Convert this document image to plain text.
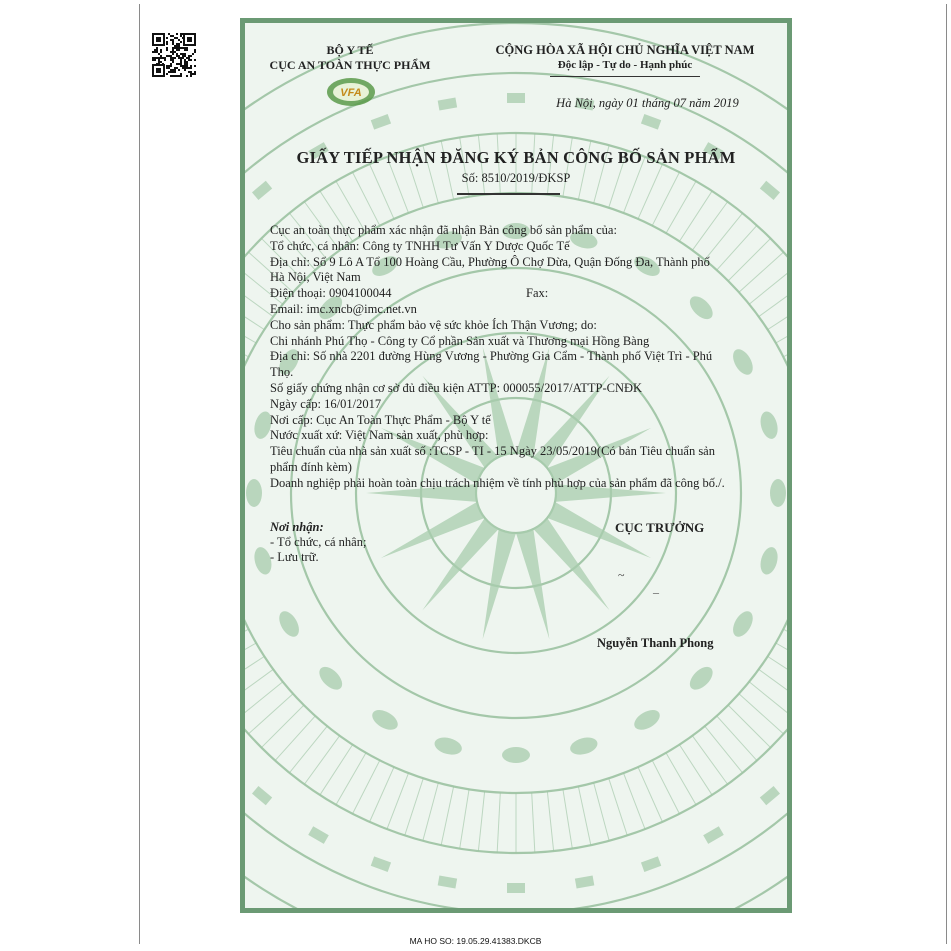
BỘ Y TẾ
CỤC AN TOÀN THỰC PHẨM
VFA
CỘNG HÒA XÃ HỘI CHỦ NGHĨA VIỆT NAM
Độc lập - Tự do - Hạnh phúc
Hà Nội, ngày 01 tháng 07 năm 2019
GIẤY TIẾP NHẬN ĐĂNG KÝ BẢN CÔNG BỐ SẢN PHẨM
Số: 8510/2019/ĐKSP
Cục an toàn thực phẩm xác nhận đã nhận Bản công bố sản phẩm của:
Tổ chức, cá nhân: Công ty TNHH Tư Vấn Y Dược Quốc Tế
Địa chỉ: Số 9 Lô A Tổ 100 Hoàng Cầu, Phường Ô Chợ Dừa, Quận Đống Đa, Thành phố
Hà Nội, Việt Nam
Điện thoại: 0904100044	Fax:
Email: imc.xncb@imc.net.vn
Cho sản phẩm: Thực phẩm bảo vệ sức khỏe Ích Thận Vương; do:
Chi nhánh Phú Thọ - Công ty Cổ phần Sản xuất và Thương mại Hồng Bàng
Địa chỉ: Số nhà 2201 đường Hùng Vương - Phường Gia Cẩm - Thành phố Việt Trì - Phú
Thọ.
Số giấy chứng nhận cơ sở đủ điều kiện ATTP: 000055/2017/ATTP-CNĐK
Ngày cấp: 16/01/2017
Nơi cấp: Cục An Toàn Thực Phẩm - Bộ Y tế
Nước xuất xứ: Việt Nam sản xuất, phù hợp:
Tiêu chuẩn của nhà sản xuất số :TCSP - TI - 15 Ngày 23/05/2019(Có bản Tiêu chuẩn sản
phẩm đính kèm)
Doanh nghiệp phải hoàn toàn chịu trách nhiệm về tính phù hợp của sản phẩm đã công bố./.
Nơi nhận:
- Tổ chức, cá nhân;
- Lưu trữ.
CỤC TRƯỞNG
~
–
Nguyễn Thanh Phong
MA HO SO: 19.05.29.41383.DKCB
